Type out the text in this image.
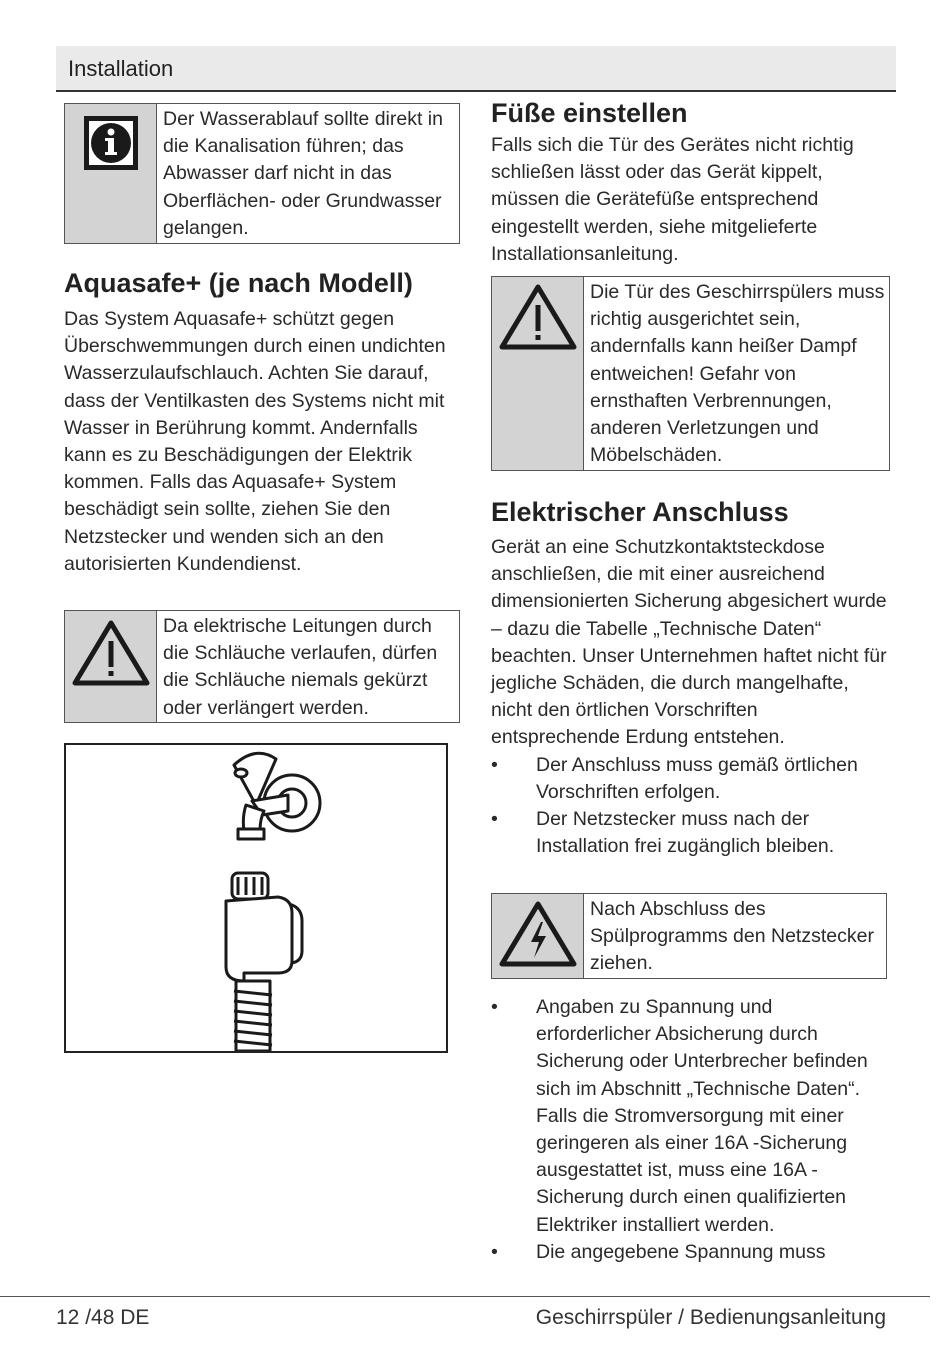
Installation
Der Wasserablauf sollte direkt in die Kanalisation führen; das Abwasser darf nicht in das Oberflächen- oder Grundwasser gelangen.
Aquasafe+ (je nach Modell)
Das System Aquasafe+ schützt gegen Überschwemmungen durch einen undichten Wasserzulaufschlauch. Achten Sie darauf, dass der Ventilkasten des Systems nicht mit Wasser in Berührung kommt. Andernfalls kann es zu Beschädigungen der Elektrik kommen. Falls das Aquasafe+ System beschädigt sein sollte, ziehen Sie den Netzstecker und wenden sich an den autorisierten Kundendienst.
Da elektrische Leitungen durch die Schläuche verlaufen, dürfen die Schläuche niemals gekürzt oder verlängert werden.
Füße einstellen
Falls sich die Tür des Gerätes nicht richtig schließen lässt oder das Gerät kippelt, müssen die Gerätefüße entsprechend eingestellt werden, siehe mitgelieferte Installationsanleitung.
Die Tür des Geschirrspülers muss richtig ausgerichtet sein, andernfalls kann heißer Dampf entweichen! Gefahr von ernsthaften Verbrennungen, anderen Verletzungen und Möbelschäden.
Elektrischer Anschluss
Gerät an eine Schutzkontaktsteckdose anschließen, die mit einer ausreichend dimensionierten Sicherung abgesichert wurde – dazu die Tabelle „Technische Daten“ beachten. Unser Unternehmen haftet nicht für jegliche Schäden, die durch mangelhafte, nicht den örtlichen Vorschriften entsprechende Erdung entstehen.
• Der Anschluss muss gemäß örtlichen Vorschriften erfolgen.
• Der Netzstecker muss nach der Installation frei zugänglich bleiben.
Nach Abschluss des Spülprogramms den Netzstecker ziehen.
• Angaben zu Spannung und erforderlicher Absicherung durch Sicherung oder Unterbrecher befinden sich im Abschnitt „Technische Daten“. Falls die Stromversorgung mit einer geringeren als einer 16A -Sicherung ausgestattet ist, muss eine 16A -Sicherung durch einen qualifizierten Elektriker installiert werden.
• Die angegebene Spannung muss
12 /48 DE	Geschirrspüler / Bedienungsanleitung
